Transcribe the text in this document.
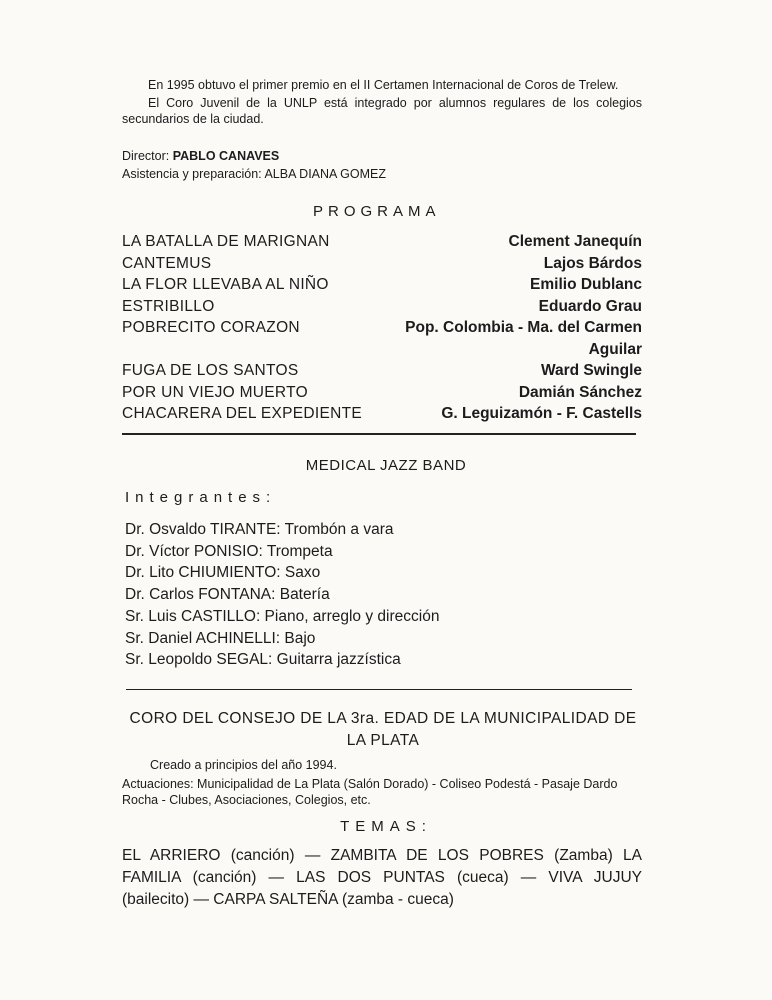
En 1995 obtuvo el primer premio en el II Certamen Internacional de Coros de Trelew.
El Coro Juvenil de la UNLP está integrado por alumnos regulares de los colegios secundarios de la ciudad.
Director: PABLO CANAVES
Asistencia y preparación: ALBA DIANA GOMEZ
PROGRAMA
LA BATALLA DE MARIGNAN	Clement Janequín
CANTEMUS	Lajos Bárdos
LA FLOR LLEVABA AL NIÑO	Emilio Dublanc
ESTRIBILLO	Eduardo Grau
POBRECITO CORAZON	Pop. Colombia - Ma. del Carmen
Aguilar
FUGA DE LOS SANTOS	Ward Swingle
POR UN VIEJO MUERTO	Damián Sánchez
CHACARERA DEL EXPEDIENTE	G. Leguizamón - F. Castells
MEDICAL JAZZ BAND
Integrantes:
Dr. Osvaldo TIRANTE: Trombón a vara
Dr. Víctor PONISIO: Trompeta
Dr. Lito CHIUMIENTO: Saxo
Dr. Carlos FONTANA: Batería
Sr. Luis CASTILLO: Piano, arreglo y dirección
Sr. Daniel ACHINELLI: Bajo
Sr. Leopoldo SEGAL: Guitarra jazzística
CORO DEL CONSEJO DE LA 3ra. EDAD DE LA MUNICIPALIDAD DE LA PLATA
Creado a principios del año 1994.
Actuaciones: Municipalidad de La Plata (Salón Dorado) - Coliseo Podestá - Pasaje Dardo Rocha - Clubes, Asociaciones, Colegios, etc.
TEMAS:
EL ARRIERO (canción) — ZAMBITA DE LOS POBRES (Zamba) LA FAMILIA (canción) — LAS DOS PUNTAS (cueca) — VIVA JUJUY (bailecito) — CARPA SALTEÑA (zamba - cueca)
